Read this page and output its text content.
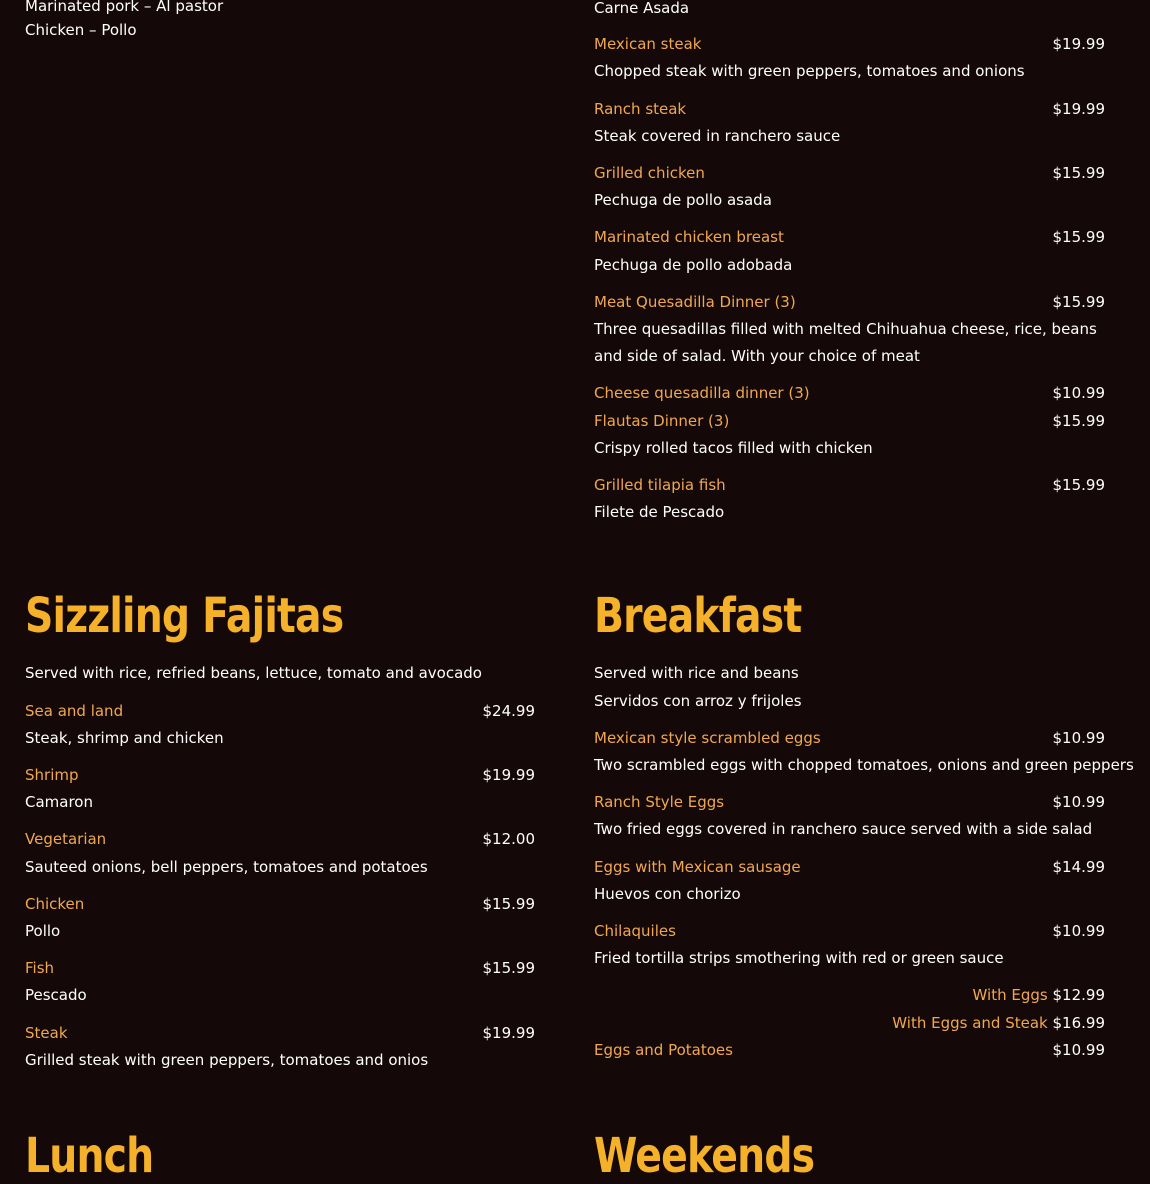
Marinated pork – Al pastor
Chicken – Pollo
Sizzling Fajitas
Served with rice, refried beans, lettuce, tomato and avocado
Sea and land	$24.99
Steak, shrimp and chicken
Shrimp	$19.99
Camaron
Vegetarian	$12.00
Sauteed onions, bell peppers, tomatoes and potatoes
Chicken	$15.99
Pollo
Fish	$15.99
Pescado
Steak	$19.99
Grilled steak with green peppers, tomatoes and onios
Lunch
Carne Asada
Mexican steak	$19.99
Chopped steak with green peppers, tomatoes and onions
Ranch steak	$19.99
Steak covered in ranchero sauce
Grilled chicken	$15.99
Pechuga de pollo asada
Marinated chicken breast	$15.99
Pechuga de pollo adobada
Meat Quesadilla Dinner (3)	$15.99
Three quesadillas filled with melted Chihuahua cheese, rice, beans and side of salad. With your choice of meat
Cheese quesadilla dinner (3)	$10.99
Flautas Dinner (3)	$15.99
Crispy rolled tacos filled with chicken
Grilled tilapia fish	$15.99
Filete de Pescado
Breakfast
Served with rice and beans
Servidos con arroz y frijoles
Mexican style scrambled eggs	$10.99
Two scrambled eggs with chopped tomatoes, onions and green peppers
Ranch Style Eggs	$10.99
Two fried eggs covered in ranchero sauce served with a side salad
Eggs with Mexican sausage	$14.99
Huevos con chorizo
Chilaquiles	$10.99
Fried tortilla strips smothering with red or green sauce
With Eggs $12.99
With Eggs and Steak $16.99
Eggs and Potatoes	$10.99
Weekends
